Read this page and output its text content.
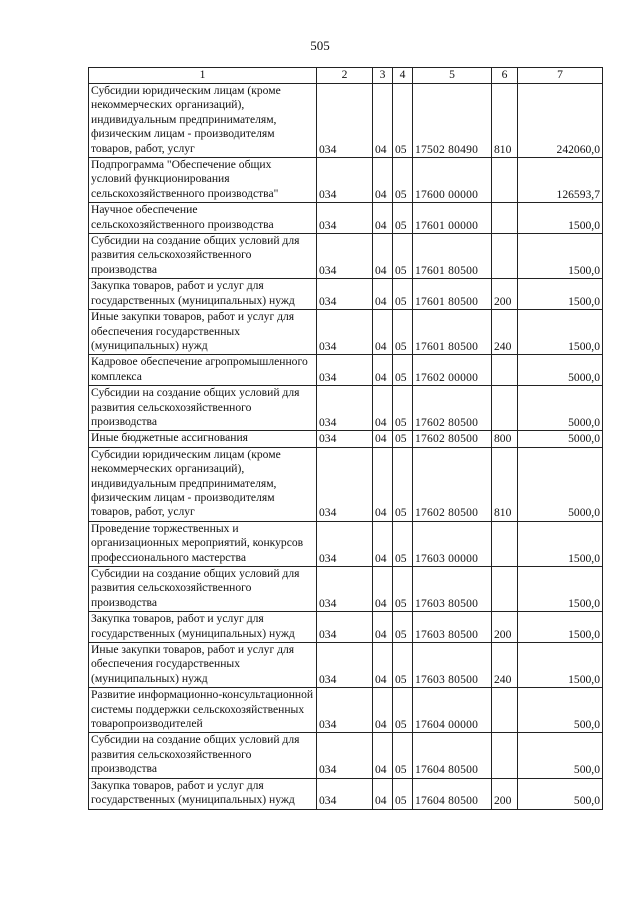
505
1	2	3	4	5	6	7
Субсидии юридическим лицам (кроме некоммерческих организаций), индивидуальным предпринимателям, физическим лицам - производителям товаров, работ, услуг	034	04	05	17502 80490	810	242060,0
Подпрограмма "Обеспечение общих условий функционирования сельскохозяйственного производства"	034	04	05	17600 00000		126593,7
Научное обеспечение сельскохозяйственного производства	034	04	05	17601 00000		1500,0
Субсидии на создание общих условий для развития сельскохозяйственного производства	034	04	05	17601 80500		1500,0
Закупка товаров, работ и услуг для государственных (муниципальных) нужд	034	04	05	17601 80500	200	1500,0
Иные закупки товаров, работ и услуг для обеспечения государственных (муниципальных) нужд	034	04	05	17601 80500	240	1500,0
Кадровое обеспечение агропромышленного комплекса	034	04	05	17602 00000		5000,0
Субсидии на создание общих условий для развития сельскохозяйственного производства	034	04	05	17602 80500		5000,0
Иные бюджетные ассигнования	034	04	05	17602 80500	800	5000,0
Субсидии юридическим лицам (кроме некоммерческих организаций), индивидуальным предпринимателям, физическим лицам - производителям товаров, работ, услуг	034	04	05	17602 80500	810	5000,0
Проведение торжественных и организационных мероприятий, конкурсов профессионального мастерства	034	04	05	17603 00000		1500,0
Субсидии на создание общих условий для развития сельскохозяйственного производства	034	04	05	17603 80500		1500,0
Закупка товаров, работ и услуг для государственных (муниципальных) нужд	034	04	05	17603 80500	200	1500,0
Иные закупки товаров, работ и услуг для обеспечения государственных (муниципальных) нужд	034	04	05	17603 80500	240	1500,0
Развитие информационно-консультационной системы поддержки сельскохозяйственных товаропроизводителей	034	04	05	17604 00000		500,0
Субсидии на создание общих условий для развития сельскохозяйственного производства	034	04	05	17604 80500		500,0
Закупка товаров, работ и услуг для государственных (муниципальных) нужд	034	04	05	17604 80500	200	500,0
